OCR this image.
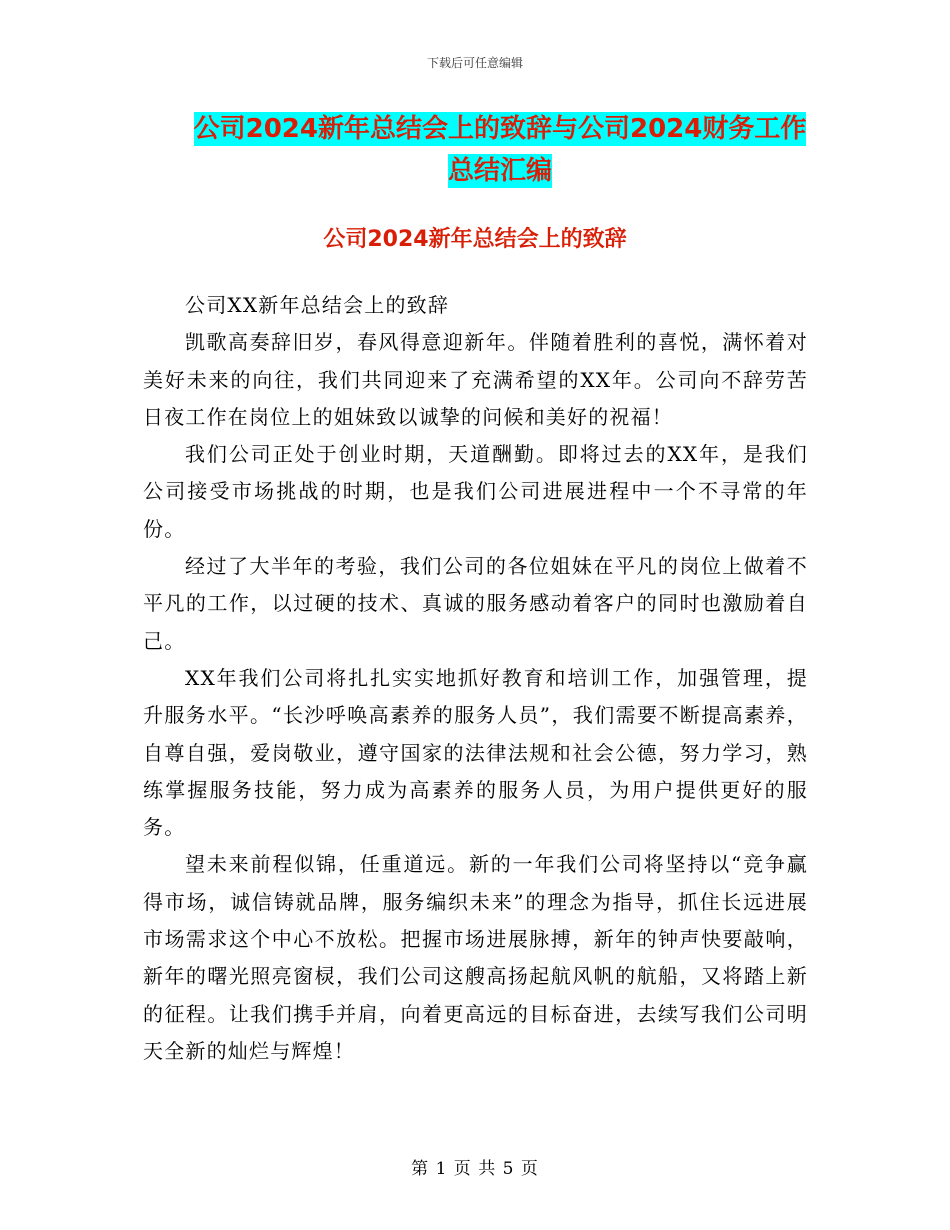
下载后可任意编辑
公司2024新年总结会上的致辞与公司2024财务工作
总结汇编
公司2024新年总结会上的致辞

公司XX新年总结会上的致辞

凯歌高奏辞旧岁，春风得意迎新年。伴随着胜利的喜悦，满怀着对美好未来的向往，我们共同迎来了充满希望的XX年。公司向不辞劳苦日夜工作在岗位上的姐妹致以诚挚的问候和美好的祝福！

我们公司正处于创业时期，天道酬勤。即将过去的XX年，是我们公司接受市场挑战的时期，也是我们公司进展进程中一个不寻常的年份。

经过了大半年的考验，我们公司的各位姐妹在平凡的岗位上做着不平凡的工作，以过硬的技术、真诚的服务感动着客户的同时也激励着自己。

XX年我们公司将扎扎实实地抓好教育和培训工作，加强管理，提升服务水平。“长沙呼唤高素养的服务人员”，我们需要不断提高素养，自尊自强，爱岗敬业，遵守国家的法律法规和社会公德，努力学习，熟练掌握服务技能，努力成为高素养的服务人员，为用户提供更好的服务。

望未来前程似锦，任重道远。新的一年我们公司将坚持以“竞争赢得市场，诚信铸就品牌，服务编织未来”的理念为指导，抓住长远进展市场需求这个中心不放松。把握市场进展脉搏，新年的钟声快要敲响，新年的曙光照亮窗棂，我们公司这艘高扬起航风帆的航船，又将踏上新的征程。让我们携手并肩，向着更高远的目标奋进，去续写我们公司明天全新的灿烂与辉煌！

第 1 页 共 5 页
